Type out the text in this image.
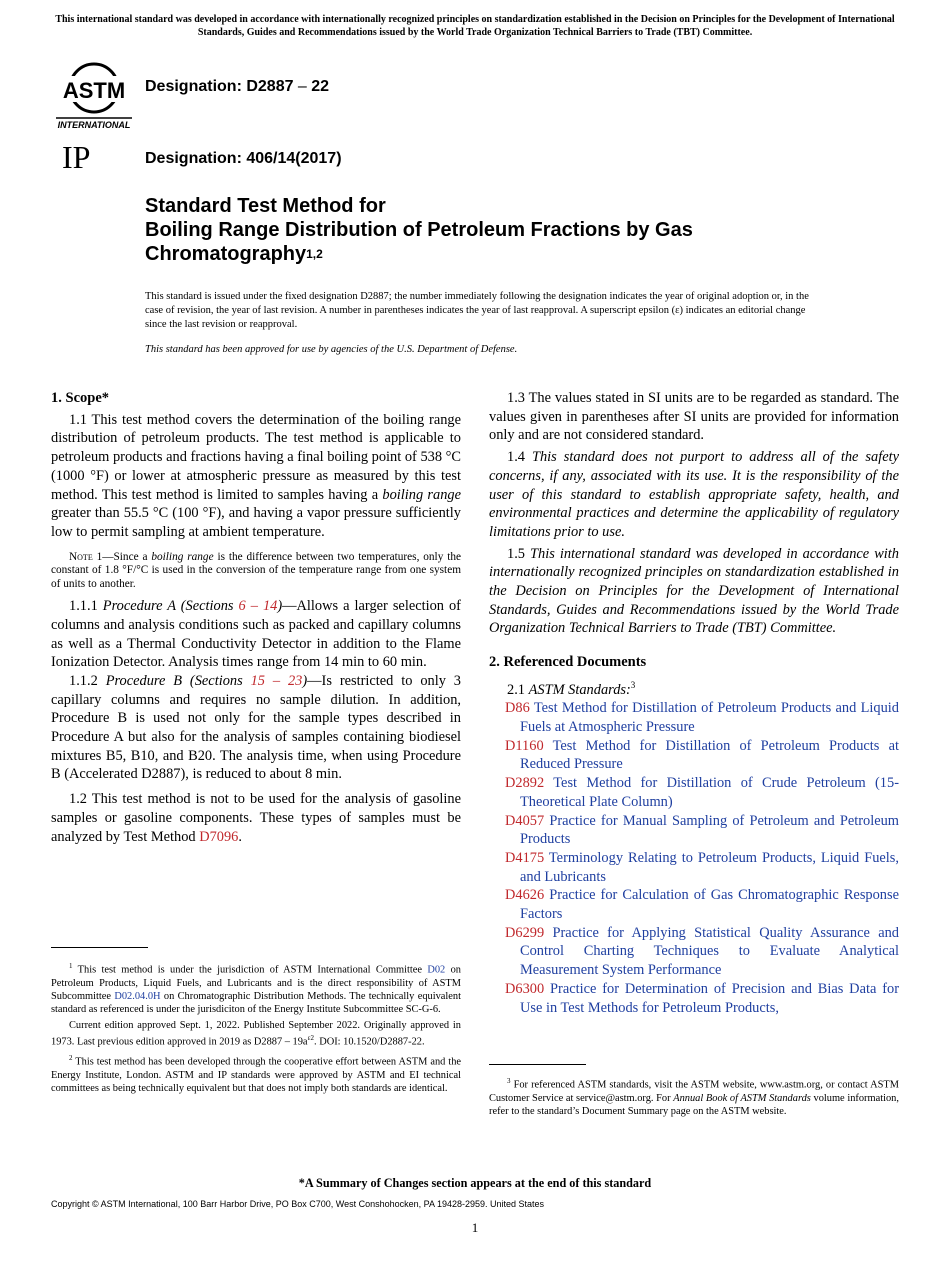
This international standard was developed in accordance with internationally recognized principles on standardization established in the Decision on Principles for the Development of International Standards, Guides and Recommendations issued by the World Trade Organization Technical Barriers to Trade (TBT) Committee.
ASTM
INTERNATIONAL
Designation: D2887 – 22
IP	Designation: 406/14(2017)
Standard Test Method for
Boiling Range Distribution of Petroleum Fractions by Gas Chromatography$^{1,2}$
This standard is issued under the fixed designation D2887; the number immediately following the designation indicates the year of original adoption or, in the case of revision, the year of last revision. A number in parentheses indicates the year of last reapproval. A superscript epsilon (ε) indicates an editorial change since the last revision or reapproval.
This standard has been approved for use by agencies of the U.S. Department of Defense.

1. Scope*

1.1 This test method covers the determination of the boiling range distribution of petroleum products. The test method is applicable to petroleum products and fractions having a final boiling point of 538 °C (1000 °F) or lower at atmospheric pressure as measured by this test method. This test method is limited to samples having a boiling range greater than 55.5 °C (100 °F), and having a vapor pressure sufficiently low to permit sampling at ambient temperature.

Note 1—Since a boiling range is the difference between two temperatures, only the constant of 1.8 °F/°C is used in the conversion of the temperature range from one system of units to another.

1.1.1 Procedure A (Sections 6 – 14)—Allows a larger selection of columns and analysis conditions such as packed and capillary columns as well as a Thermal Conductivity Detector in addition to the Flame Ionization Detector. Analysis times range from 14 min to 60 min.

1.1.2 Procedure B (Sections 15 – 23)—Is restricted to only 3 capillary columns and requires no sample dilution. In addition, Procedure B is used not only for the sample types described in Procedure A but also for the analysis of samples containing biodiesel mixtures B5, B10, and B20. The analysis time, when using Procedure B (Accelerated D2887), is reduced to about 8 min.

1.2 This test method is not to be used for the analysis of gasoline samples or gasoline components. These types of samples must be analyzed by Test Method D7096.

$^1$ This test method is under the jurisdiction of ASTM International Committee D02 on Petroleum Products, Liquid Fuels, and Lubricants and is the direct responsibility of ASTM Subcommittee D02.04.0H on Chromatographic Distribution Methods. The technically equivalent standard as referenced is under the jurisdiciton of the Energy Institute Subcommittee SC-G-6.

Current edition approved Sept. 1, 2022. Published September 2022. Originally approved in 1973. Last previous edition approved in 2019 as $D2887 - 19a^{\varepsilon 2}$. DOI: 10.1520/D2887-22.

$^2$ This test method has been developed through the cooperative effort between ASTM and the Energy Institute, London. ASTM and IP standards were approved by ASTM and EI technical committees as being technically equivalent but that does not imply both standards are identical.

1.3 The values stated in SI units are to be regarded as standard. The values given in parentheses after SI units are provided for information only and are not considered standard.

1.4 This standard does not purport to address all of the safety concerns, if any, associated with its use. It is the responsibility of the user of this standard to establish appropriate safety, health, and environmental practices and determine the applicability of regulatory limitations prior to use.

1.5 This international standard was developed in accordance with internationally recognized principles on standardization established in the Decision on Principles for the Development of International Standards, Guides and Recommendations issued by the World Trade Organization Technical Barriers to Trade (TBT) Committee.

2. Referenced Documents

2.1 ASTM Standards:$^3$

D86 Test Method for Distillation of Petroleum Products and Liquid Fuels at Atmospheric Pressure

D1160 Test Method for Distillation of Petroleum Products at Reduced Pressure

D2892 Test Method for Distillation of Crude Petroleum (15-Theoretical Plate Column)

D4057 Practice for Manual Sampling of Petroleum and Petroleum Products

D4175 Terminology Relating to Petroleum Products, Liquid Fuels, and Lubricants

D4626 Practice for Calculation of Gas Chromatographic Response Factors

D6299 Practice for Applying Statistical Quality Assurance and Control Charting Techniques to Evaluate Analytical Measurement System Performance

D6300 Practice for Determination of Precision and Bias Data for Use in Test Methods for Petroleum Products,

$^3$ For referenced ASTM standards, visit the ASTM website, www.astm.org, or contact ASTM Customer Service at service@astm.org. For Annual Book of ASTM Standards volume information, refer to the standard’s Document Summary page on the ASTM website.

*A Summary of Changes section appears at the end of this standard
Copyright © ASTM International, 100 Barr Harbor Drive, PO Box C700, West Conshohocken, PA 19428-2959. United States
1
